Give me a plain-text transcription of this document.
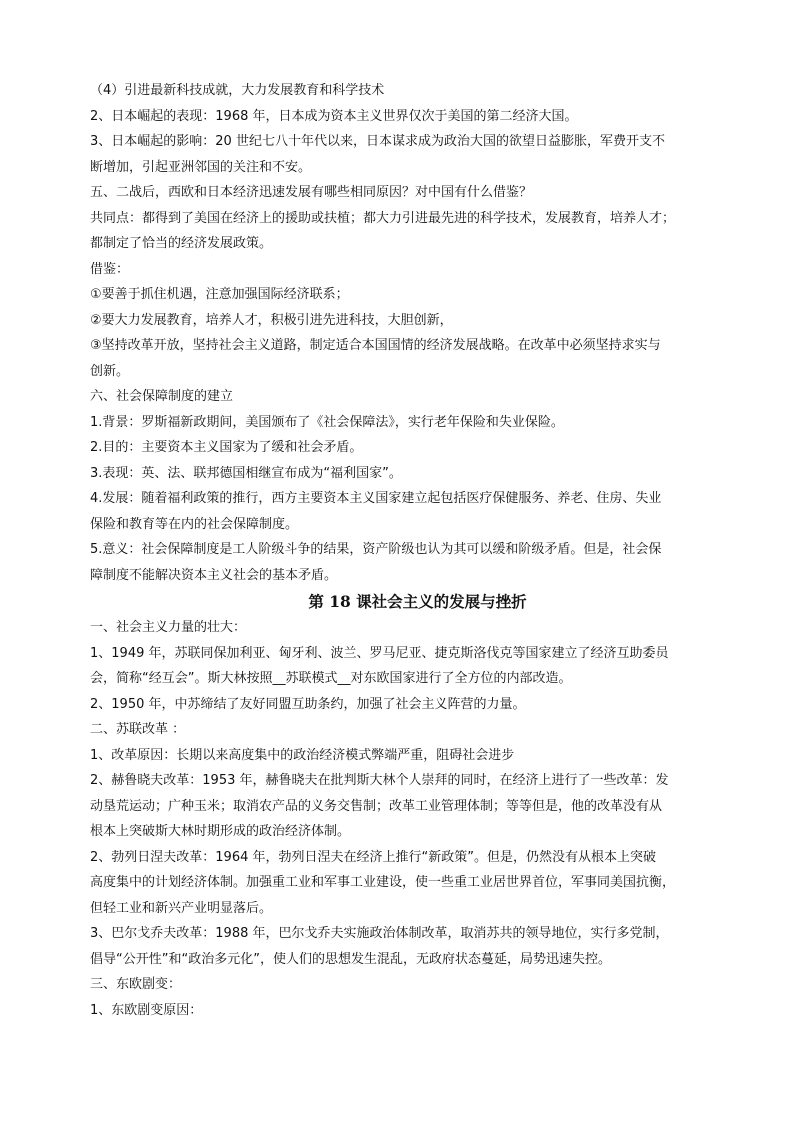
（4）引进最新科技成就，大力发展教育和科学技术
2、日本崛起的表现：1968 年，日本成为资本主义世界仅次于美国的第二经济大国。
3、日本崛起的影响：20 世纪七八十年代以来，日本谋求成为政治大国的欲望日益膨胀，军费开支不
断增加，引起亚洲邻国的关注和不安。
五、二战后，西欧和日本经济迅速发展有哪些相同原因？对中国有什么借鉴？
共同点：都得到了美国在经济上的援助或扶植；都大力引进最先进的科学技术，发展教育，培养人才；
都制定了恰当的经济发展政策。
借鉴：
①要善于抓住机遇，注意加强国际经济联系；
②要大力发展教育，培养人才，积极引进先进科技，大胆创新，
③坚持改革开放，坚持社会主义道路，制定适合本国国情的经济发展战略。在改革中必须坚持求实与
创新。
六、社会保障制度的建立
1.背景：罗斯福新政期间，美国颁布了《社会保障法》，实行老年保险和失业保险。
2.目的：主要资本主义国家为了缓和社会矛盾。
3.表现：英、法、联邦德国相继宣布成为“福利国家”。
4.发展：随着福利政策的推行，西方主要资本主义国家建立起包括医疗保健服务、养老、住房、失业
保险和教育等在内的社会保障制度。
5.意义：社会保障制度是工人阶级斗争的结果，资产阶级也认为其可以缓和阶级矛盾。但是，社会保
障制度不能解决资本主义社会的基本矛盾。
第 18 课社会主义的发展与挫折
一、社会主义力量的壮大：
1、1949 年，苏联同保加利亚、匈牙利、波兰、罗马尼亚、捷克斯洛伐克等国家建立了经济互助委员
会，简称“经互会”。斯大林按照__苏联模式__对东欧国家进行了全方位的内部改造。
2、1950 年，中苏缔结了友好同盟互助条约，加强了社会主义阵营的力量。
二、苏联改革 ：
1、改革原因：长期以来高度集中的政治经济模式弊端严重，阻碍社会进步
2、赫鲁晓夫改革：1953 年，赫鲁晓夫在批判斯大林个人崇拜的同时，在经济上进行了一些改革：发
动垦荒运动；广种玉米；取消农产品的义务交售制；改革工业管理体制；等等但是，他的改革没有从
根本上突破斯大林时期形成的政治经济体制。
2、勃列日涅夫改革：1964 年，勃列日涅夫在经济上推行“新政策”。但是，仍然没有从根本上突破
高度集中的计划经济体制。加强重工业和军事工业建设，使一些重工业居世界首位，军事同美国抗衡，
但轻工业和新兴产业明显落后。
3、巴尔戈乔夫改革：1988 年，巴尔戈乔夫实施政治体制改革，取消苏共的领导地位，实行多党制，
倡导“公开性”和“政治多元化”，使人们的思想发生混乱，无政府状态蔓延，局势迅速失控。
三、东欧剧变：
1、东欧剧变原因：
